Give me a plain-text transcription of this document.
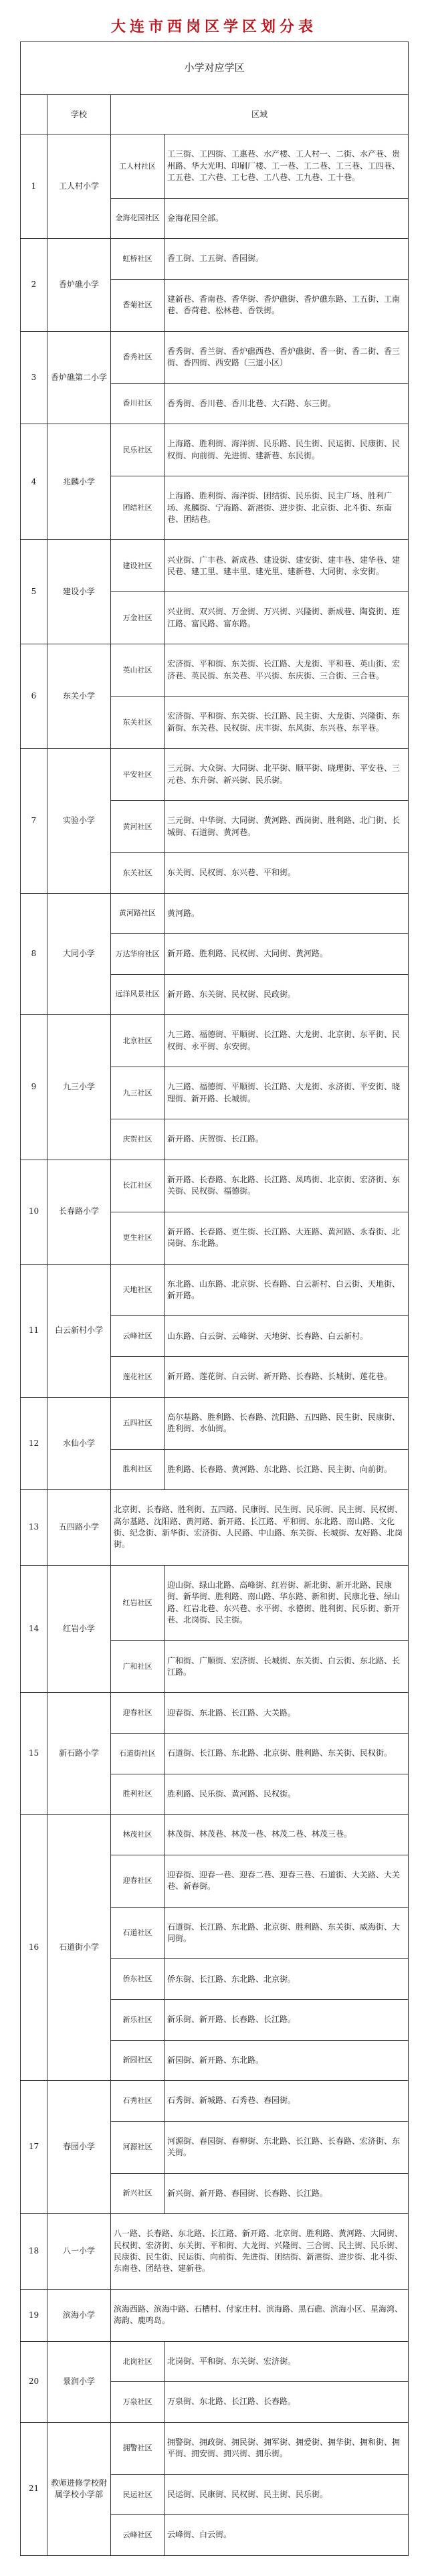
大连市西岗区学区划分表
小学对应学区			
	学校	区域	
1	工人村小学	工人村社区	工三街、工四街、工惠巷、水产楼、工人村一、二街、水产巷、贵州路、华大光明、印刷厂楼、工一巷、工二巷、工三巷、工四巷、工五巷、工六巷、工七巷、工八巷、工九巷、工十巷。
		金海花园社区	金海花园全部。
2	香炉礁小学	虹桥社区	香工街、工五街、香园街。
		香菊社区	建新巷、香南巷、香华街、香炉礁街、香炉礁东路、工五街、工南巷、香荷巷、松林巷、香铁街。
3	香炉礁第二小学	香秀社区	香秀街、香兰街、香炉礁西巷、香炉礁街、香一街、香二街、香三街、香四街、西安路（三道小区）
		香川社区	香秀街、香川巷、香川北巷、大石路、东三街。
4	兆麟小学	民乐社区	上海路、胜利街、海洋街、民乐路、民生街、民运街、民康街、民权街、向前街、先进街、建新巷、东民街。
		团结社区	上海路、胜利街、海洋街、团结街、民乐街、民主广场、胜利广场、兆麟街、宁海路、新港街、进步街、北京街、北斗街、东南巷、团结巷。
5	建设小学	建设社区	兴业街、广丰巷、新成巷、建设街、建安街、建丰巷、建华巷、建民巷、建工里、建丰里、建光里、建新巷、大同街、永安街。
		万金社区	兴业街、双兴街、万金街、万兴街、兴隆街、新成巷、陶瓷街、连江路、富民路、富东路。
6	东关小学	英山社区	宏济街、平和街、东关街、长江路、大龙街、平和巷、英山街、宏济巷、英民街、东关巷、平兴街、东庆街、三合街、三合巷。
		东关社区	宏济街、平和街、东关街、长江路、民主街、大龙街、兴隆街、东新街、东关巷、民权街、庆丰街、东风街、东兴巷、东平巷。
7	实验小学	平安社区	三元街、大众街、大同街、北平街、顺平街、晓理街、平安巷、三元巷、东升街、新兴街、民乐街。
		黄河社区	三元街、中华街、大同街、黄河路、西岗街、胜利路、北门街、长城街、石道街、黄河巷。
		东关社区	东关街、民权街、东兴巷、平和街。
8	大同小学	黄河路社区	黄河路。
		万达华府社区	新开路、胜利路、民权街、大同街、黄河路。
		远洋风景社区	新开路、东关街、民权街、民政街。
9	九三小学	北京社区	九三路、福德街、平顺街、长江路、大龙街、北京街、东平街、民权街、永平街、东安街。
		九三社区	九三路、福德街、平顺街、长江路、大龙街、永济街、平安街、晓理街、新开路、长城街。
		庆贺社区	新开路、庆贺街、长江路。
10	长春路小学	长江社区	新开路、长春路、东北路、长江路、凤鸣街、北京街、宏济街、东关街、民权街、福德街。
		更生社区	新开路、长春路、更生街、长江路、大连路、黄河路、永春街、北岗街、东北路。
11	白云新村小学	天地社区	东北路、山东路、北京街、长春路、白云新村、白云街、天地街、新开路。
		云峰社区	山东路、白云街、云峰街、天地街、长春路、白云新村。
		莲花社区	新开路、莲花街、白云街、新开路、长春路、长城街、莲花巷。
12	水仙小学	五四社区	高尔基路、胜利路、长春路、沈阳路、五四路、民生街、民康街、胜利街、水仙街。
		胜利社区	胜利路、长春路、黄河路、东北路、长江路、民主街、向前街。
13	五四路小学	北京街、长春路、胜利街、五四路、民康街、民生街、民乐街、民主街、民权街、高尔基路、沈阳路、黄河路、新开路、长江路、平和街、东北路、南山路、文化街、纪念街、新华街、宏济街、人民路、中山路、东关街、长城街、友好路、北岗街。	
14	红岩小学	红岩社区	迎山街、绿山北路、高峰街、红岩街、新北街、新开北路、民康街、新华街、胜利路、南山路、华东路、新和街、民康北巷、绿山路、红岩北巷、东兴巷、永平街、永德街、胜利街、民乐街、新开巷、北岗街、民主街。
		广和社区	广和街、广顺街、宏济街、长城街、东关街、白云街、东北路、长江路。
15	新石路小学	迎春社区	迎春街、东北路、长江路、大关路。
		石道街社区	石道街、长江路、东北路、北京街、胜利路、东关街、民权街。
		胜利社区	胜利路、民乐街、黄河路、民权街。
16	石道街小学	林茂社区	林茂街、林茂巷、林茂一巷、林茂二巷、林茂三巷。
		迎春社区	迎春街、迎春一巷、迎春二巷、迎春三巷、石道街、大关路、大关巷、新春街。
		石道社区	石道街、长江路、东北路、北京街、胜利路、东关街、威海街、大同街。
		侨东社区	侨东街、长江路、东北路、北京街。
		新乐社区	新乐街、新开路、长春路、长江路。
		新园社区	新园街、新开路、东北路。
17	春园小学	石秀社区	石秀街、新城路、石秀巷、春园街。
		河源社区	河源街、春园街、春柳街、东北路、长江路、长春路、宏济街、东关街。
		新兴社区	新兴街、新开路、春园街、长春路、长江路。
18	八一小学	八一路、长春路、东北路、长江路、新开路、北京街、胜利路、黄河路、大同街、民权街、宏济街、东关街、平和街、大龙街、兴隆街、三合街、民主街、民乐街、民康街、民生街、民运街、向前街、先进街、团结街、新港街、进步街、北斗街、东南巷、团结巷、建新巷。	
19	滨海小学	滨海西路、滨海中路、石槽村、付家庄村、滨海路、黑石礁、滨海小区、星海湾、海韵、鹿鸣岛。	
20	景润小学	北岗社区	北岗街、平和街、东关街、宏济街。
		万泉社区	万泉街、东北路、长江路、长春路。
21	教师进修学校附属学校小学部	拥警社区	拥警街、拥政街、拥民街、拥军街、拥爱街、拥华街、拥和街、拥平街、拥安街、拥兴街、拥乐街。
		民运社区	民运街、民康街、民权街、民主街、民乐街。
		云峰社区	云峰街、白云街。
